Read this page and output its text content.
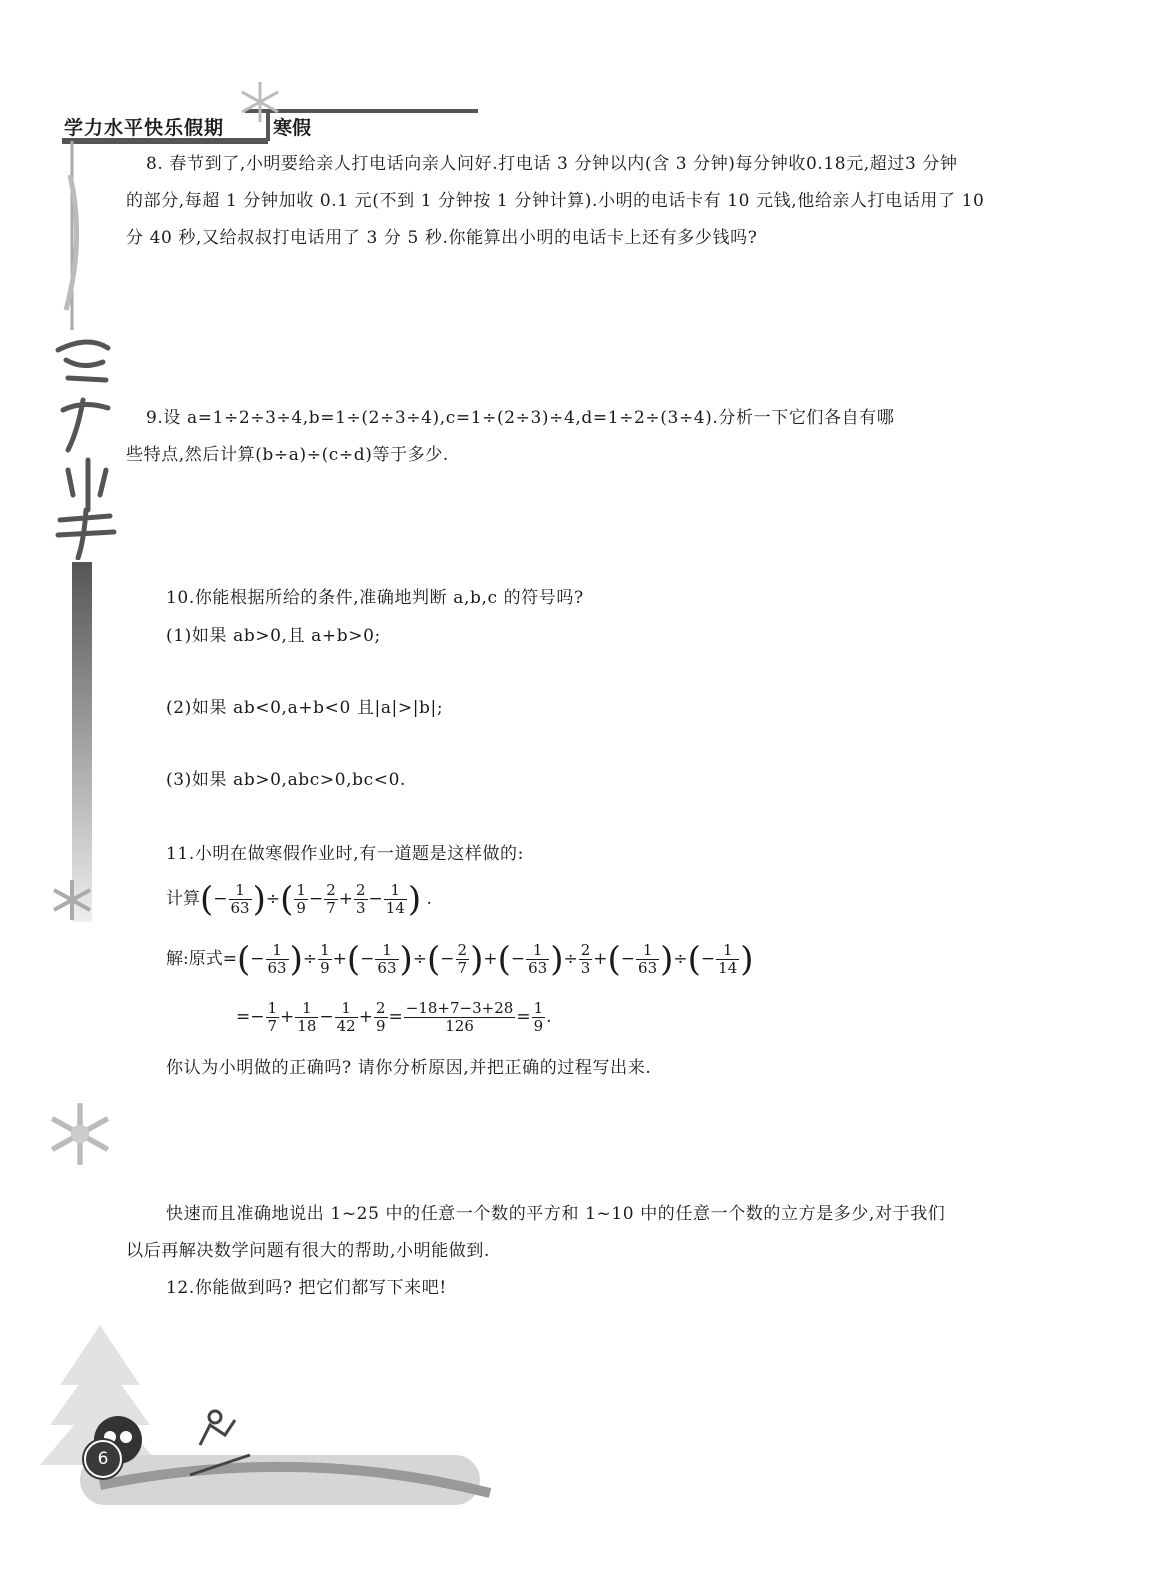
学力水平快乐假期	寒假
6
8. 春节到了,小明要给亲人打电话向亲人问好.打电话 3 分钟以内(含 3 分钟)每分钟收0.18元,超过3 分钟
的部分,每超 1 分钟加收 0.1 元(不到 1 分钟按 1 分钟计算).小明的电话卡有 10 元钱,他给亲人打电话用了 10
分 40 秒,又给叔叔打电话用了 3 分 5 秒.你能算出小明的电话卡上还有多少钱吗?
9.设 a=1÷2÷3÷4,b=1÷(2÷3÷4),c=1÷(2÷3)÷4,d=1÷2÷(3÷4).分析一下它们各自有哪
些特点,然后计算(b÷a)÷(c÷d)等于多少.
10.你能根据所给的条件,准确地判断 a,b,c 的符号吗?
(1)如果 ab>0,且 a+b>0;
(2)如果 ab<0,a+b<0 且|a|>|b|;
(3)如果 ab>0,abc>0,bc<0.
11.小明在做寒假作业时,有一道题是这样做的:
计算(− $\frac{1}{63}$ )÷( $\frac{1}{9} - \frac{2}{7} + \frac{2}{3} - \frac{1}{14}$ ) .
解:原式=(− $\frac{1}{63}$ )÷ $\frac{1}{9}$ +(− $\frac{1}{63}$ )÷(− $\frac{2}{7}$ )+(− $\frac{1}{63}$ )÷ $\frac{2}{3}$ +(− $\frac{1}{63}$ )÷(− $\frac{1}{14}$ )
=− $\frac{1}{7} + \frac{1}{18} - \frac{1}{42} + \frac{2}{9} = \frac{-18+7-3+28}{126} = \frac{1}{9}$ .
你认为小明做的正确吗? 请你分析原因,并把正确的过程写出来.
快速而且准确地说出 1~25 中的任意一个数的平方和 1~10 中的任意一个数的立方是多少,对于我们
以后再解决数学问题有很大的帮助,小明能做到.
12.你能做到吗? 把它们都写下来吧!
